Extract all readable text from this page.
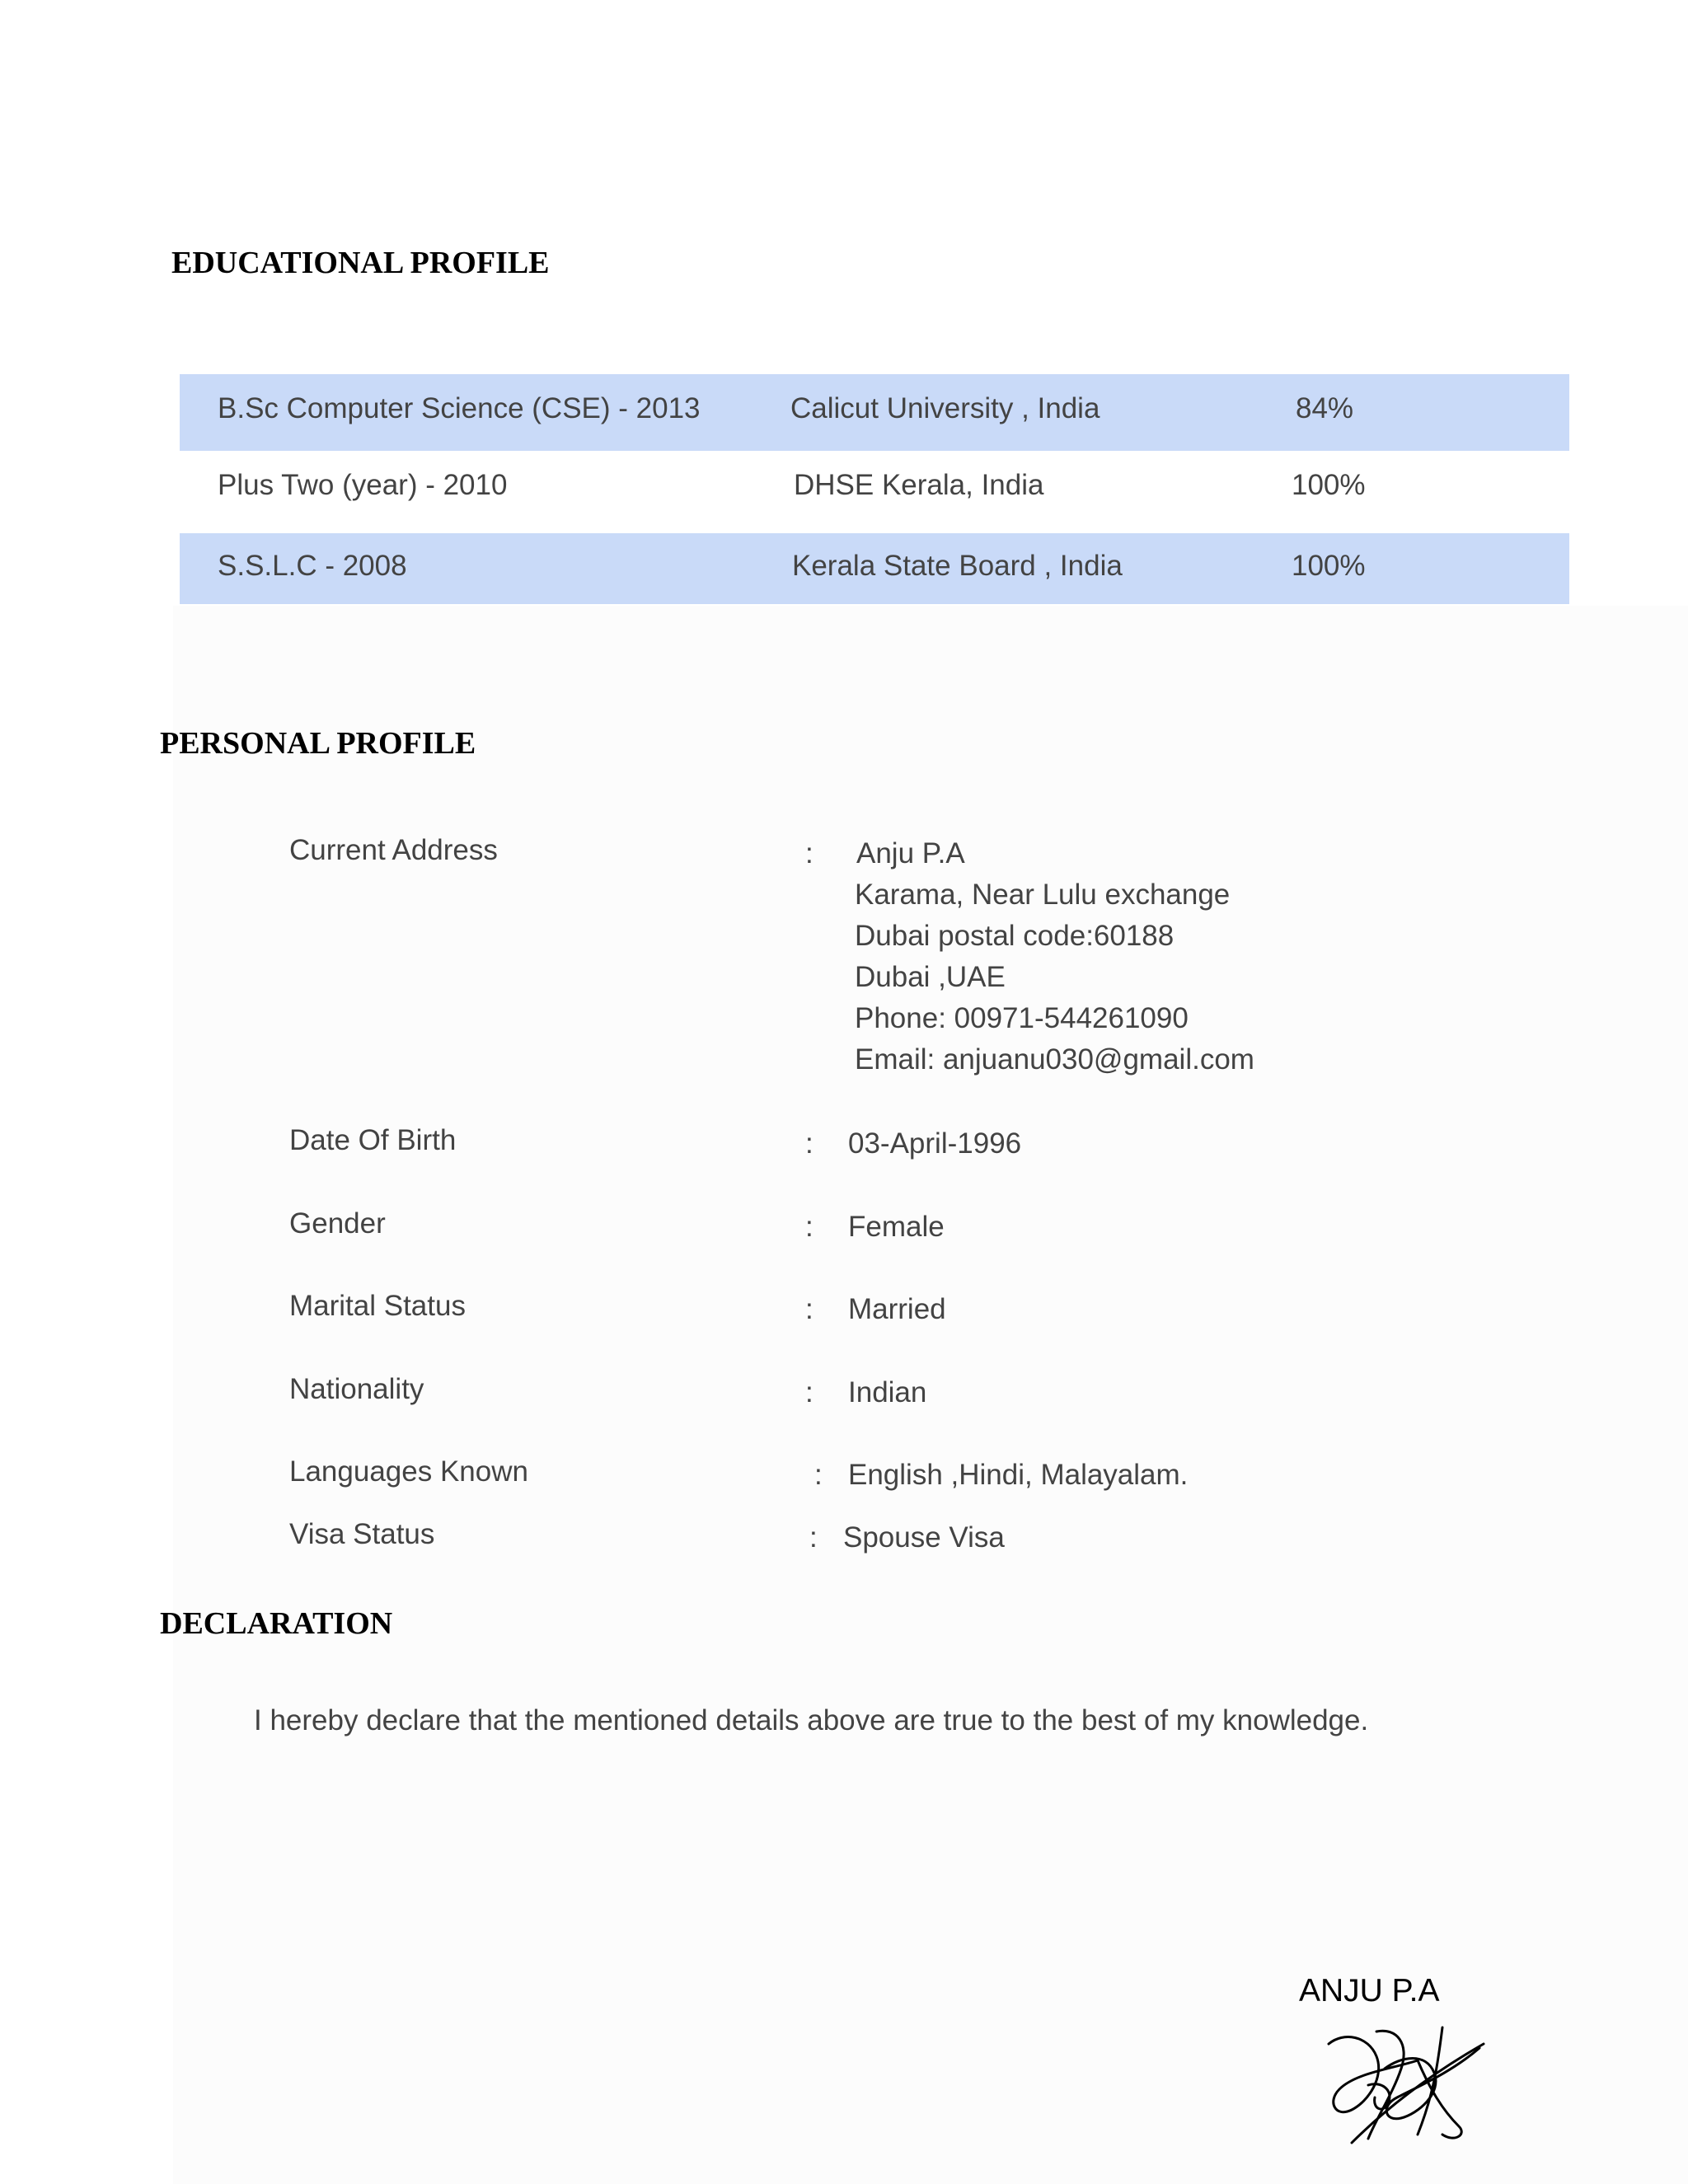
EDUCATIONAL PROFILE
B.Sc Computer Science (CSE) - 2013	Calicut University , India	84%
Plus Two (year) - 2010	DHSE Kerala, India	100%
S.S.L.C - 2008	Kerala State Board , India	100%
PERSONAL PROFILE
Current Address	: Anju P.A
Karama, Near Lulu exchange
Dubai postal code:60188
Dubai ,UAE
Phone: 00971-544261090
Email: anjuanu030@gmail.com
Date Of Birth	: 03-April-1996
Gender	: Female
Marital Status	: Married
Nationality	: Indian
Languages Known	: English ,Hindi, Malayalam.
Visa Status	: Spouse Visa
DECLARATION
I hereby declare that the mentioned details above are true to the best of my knowledge.
ANJU P.A
